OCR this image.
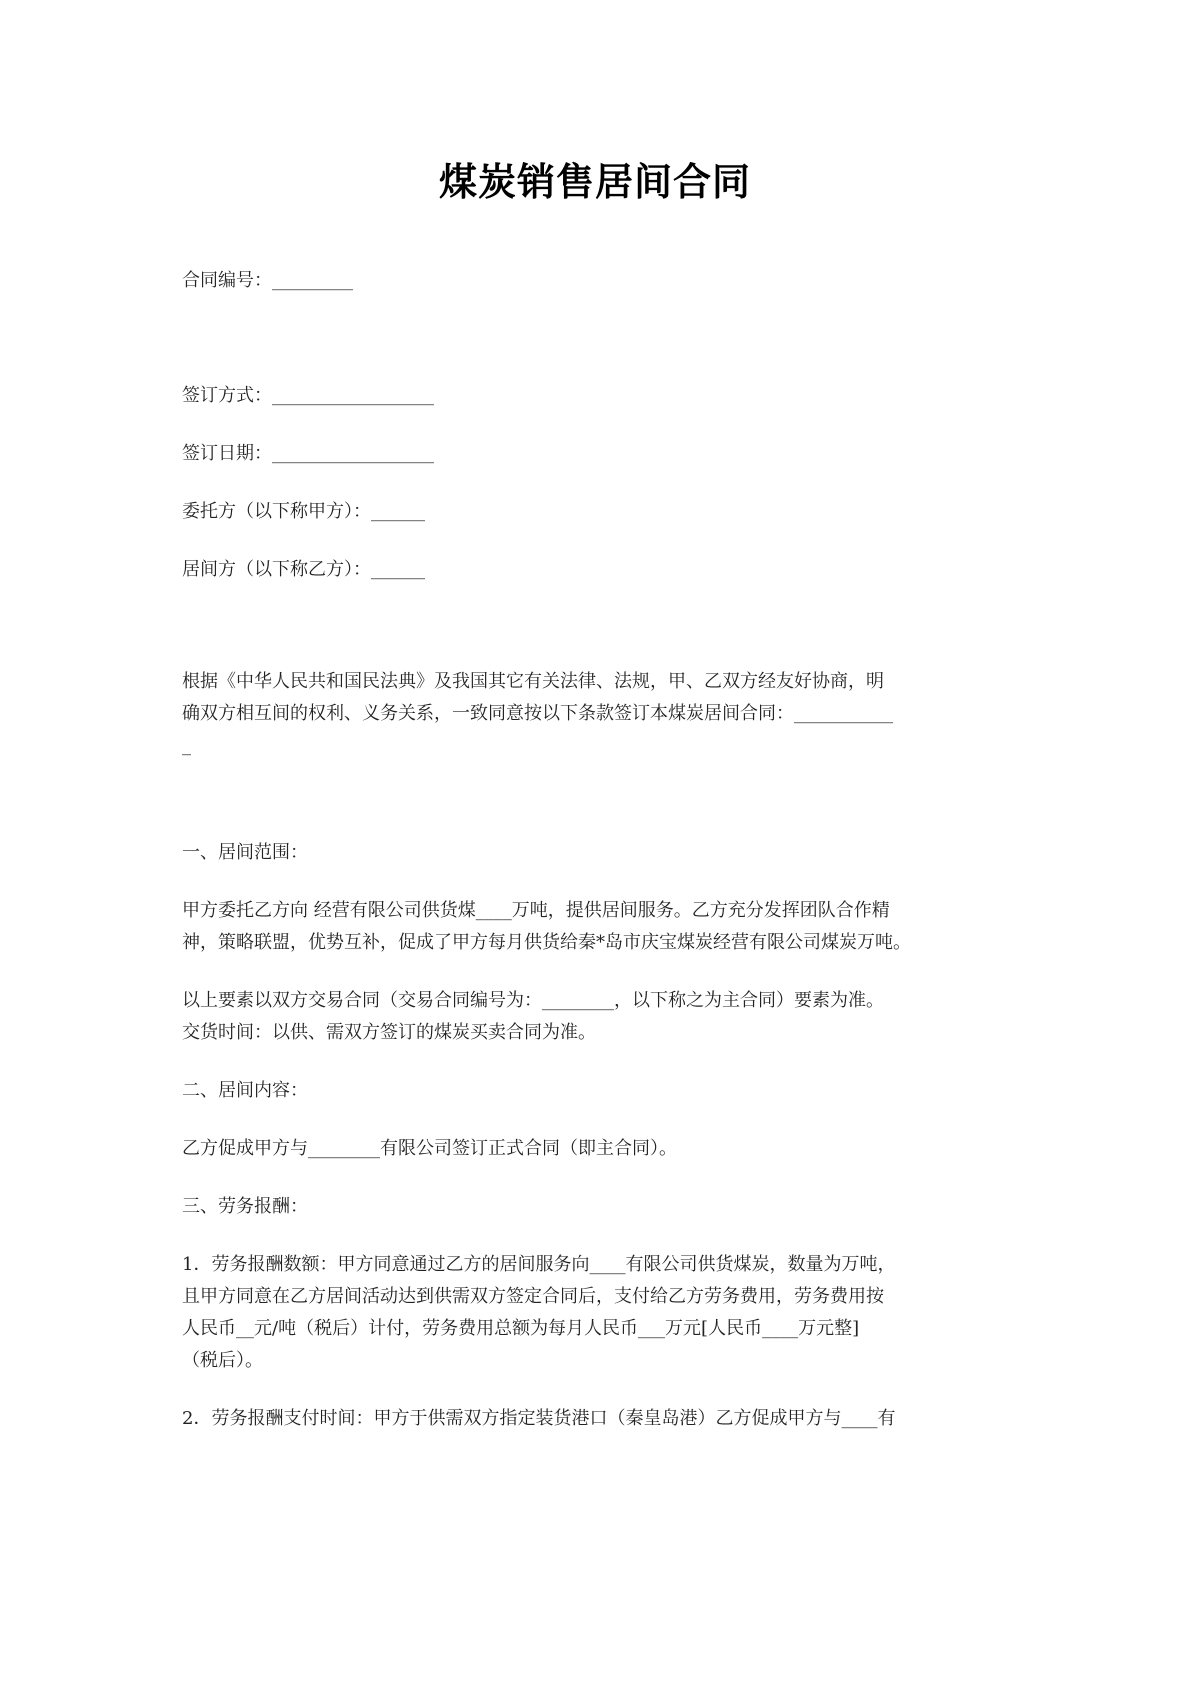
煤炭销售居间合同
合同编号：_________
签订方式：__________________
签订日期：__________________
委托方（以下称甲方）：______
居间方（以下称乙方）：______
根据《中华人民共和国民法典》及我国其它有关法律、法规，甲、乙双方经友好协商，明
确双方相互间的权利、义务关系，一致同意按以下条款签订本煤炭居间合同：___________
_
一、居间范围：
甲方委托乙方向 经营有限公司供货煤____万吨，提供居间服务。乙方充分发挥团队合作精
神，策略联盟，优势互补，促成了甲方每月供货给秦*岛市庆宝煤炭经营有限公司煤炭万吨。
以上要素以双方交易合同（交易合同编号为：________，以下称之为主合同）要素为准。
交货时间：以供、需双方签订的煤炭买卖合同为准。
二、居间内容：
乙方促成甲方与________有限公司签订正式合同（即主合同）。
三、劳务报酬：
1．劳务报酬数额：甲方同意通过乙方的居间服务向____有限公司供货煤炭，数量为万吨，
且甲方同意在乙方居间活动达到供需双方签定合同后，支付给乙方劳务费用，劳务费用按
人民币__元/吨（税后）计付，劳务费用总额为每月人民币___万元[人民币____万元整]
（税后）。
2．劳务报酬支付时间：甲方于供需双方指定装货港口（秦皇岛港）乙方促成甲方与____有
